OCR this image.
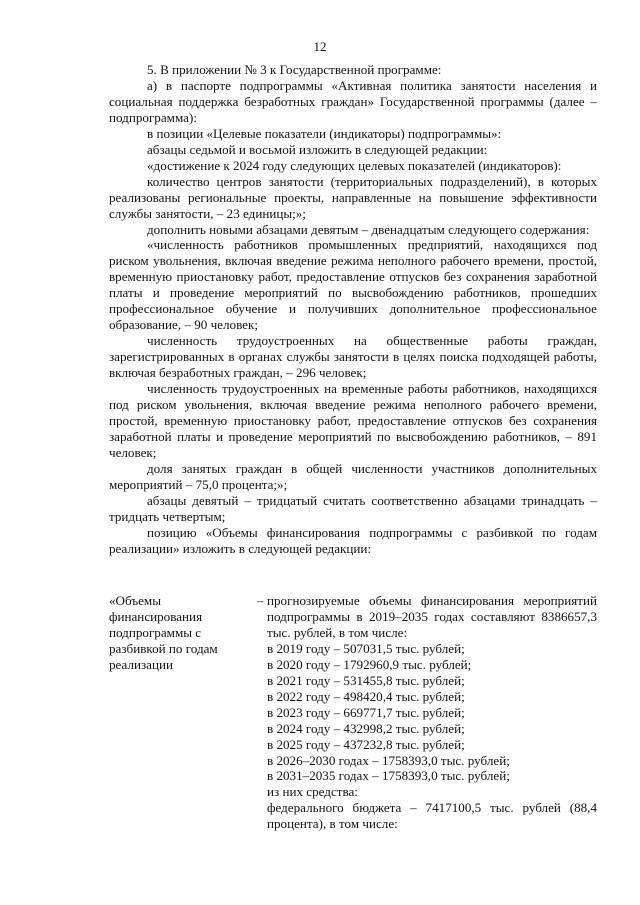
12

5. В приложении № 3 к Государственной программе:

а) в паспорте подпрограммы «Активная политика занятости населения и социальная поддержка безработных граждан» Государственной программы (далее – подпрограмма):

в позиции «Целевые показатели (индикаторы) подпрограммы»:

абзацы седьмой и восьмой изложить в следующей редакции:

«достижение к 2024 году следующих целевых показателей (индикаторов):

количество центров занятости (территориальных подразделений), в которых реализованы региональные проекты, направленные на повышение эффективности службы занятости, – 23 единицы;»;

дополнить новыми абзацами девятым – двенадцатым следующего содержания:

«численность работников промышленных предприятий, находящихся под риском увольнения, включая введение режима неполного рабочего времени, простой, временную приостановку работ, предоставление отпусков без сохранения заработной платы и проведение мероприятий по высвобождению работников, прошедших профессиональное обучение и получивших дополнительное профессиональное образование, – 90 человек;

численность трудоустроенных на общественные работы граждан, зарегистрированных в органах службы занятости в целях поиска подходящей работы, включая безработных граждан, – 296 человек;

численность трудоустроенных на временные работы работников, находящихся под риском увольнения, включая введение режима неполного рабочего времени, простой, временную приостановку работ, предоставление отпусков без сохранения заработной платы и проведение мероприятий по высвобождению работников, – 891 человек;

доля занятых граждан в общей численности участников дополнительных мероприятий – 75,0 процента;»;

абзацы девятый – тридцатый считать соответственно абзацами тринадцать – тридцать четвертым;

позицию «Объемы финансирования подпрограммы с разбивкой по годам реализации» изложить в следующей редакции:

«Объемы финансирования подпрограммы с разбивкой по годам реализации
– прогнозируемые объемы финансирования мероприятий подпрограммы в 2019–2035 годах составляют 8386657,3 тыс. рублей, в том числе:
в 2019 году – 507031,5 тыс. рублей;
в 2020 году – 1792960,9 тыс. рублей;
в 2021 году – 531455,8 тыс. рублей;
в 2022 году – 498420,4 тыс. рублей;
в 2023 году – 669771,7 тыс. рублей;
в 2024 году – 432998,2 тыс. рублей;
в 2025 году – 437232,8 тыс. рублей;
в 2026–2030 годах – 1758393,0 тыс. рублей;
в 2031–2035 годах – 1758393,0 тыс. рублей;
из них средства:
федерального бюджета – 7417100,5 тыс. рублей (88,4 процента), в том числе:
